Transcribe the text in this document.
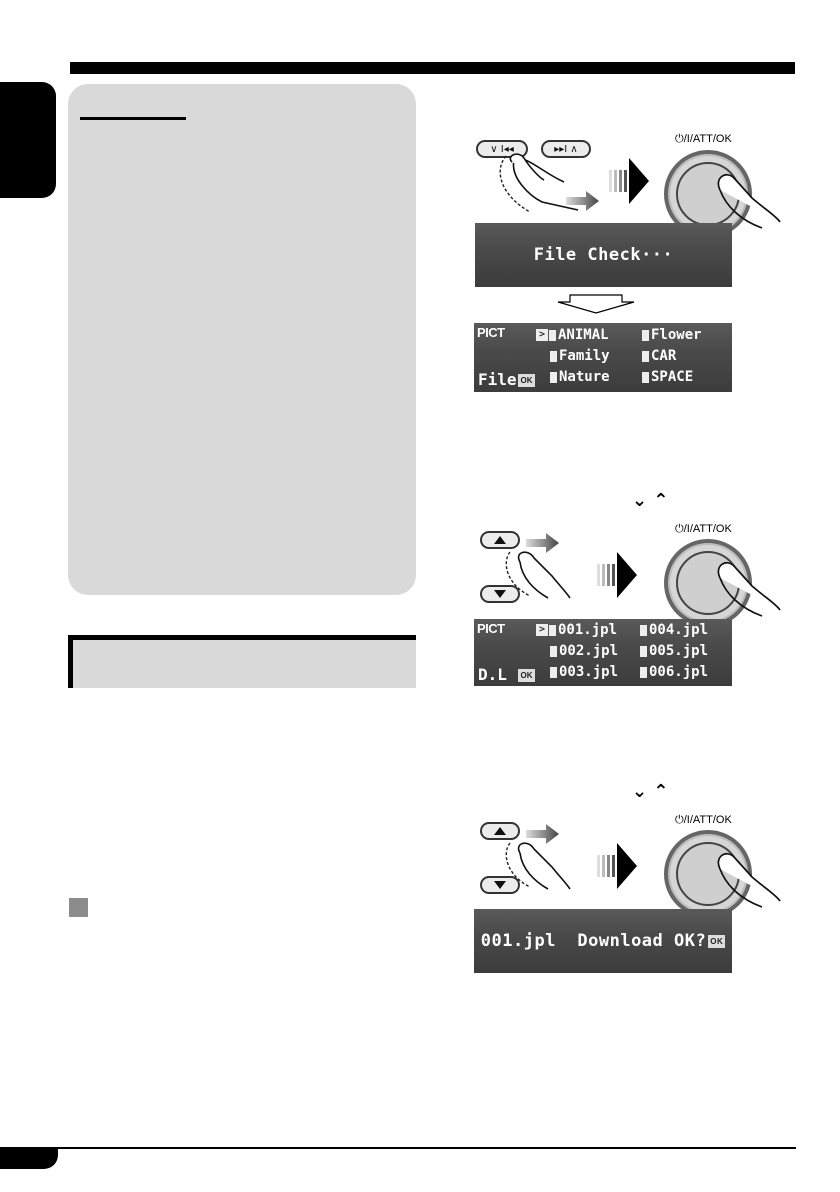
∨ I◂◂	▸▸I ∧
⏻/I/ATT/OK
File Check···
PICT
File OK
> ANIMAL
Family
Nature
Flower
CAR
SPACE
⌄ ⌃
⏻/I/ATT/OK
PICT
D.L	OK
> 001.jpl
002.jpl
003.jpl
004.jpl
005.jpl
006.jpl
⌄ ⌃
⏻/I/ATT/OK
001.jpl  Download OK? OK
